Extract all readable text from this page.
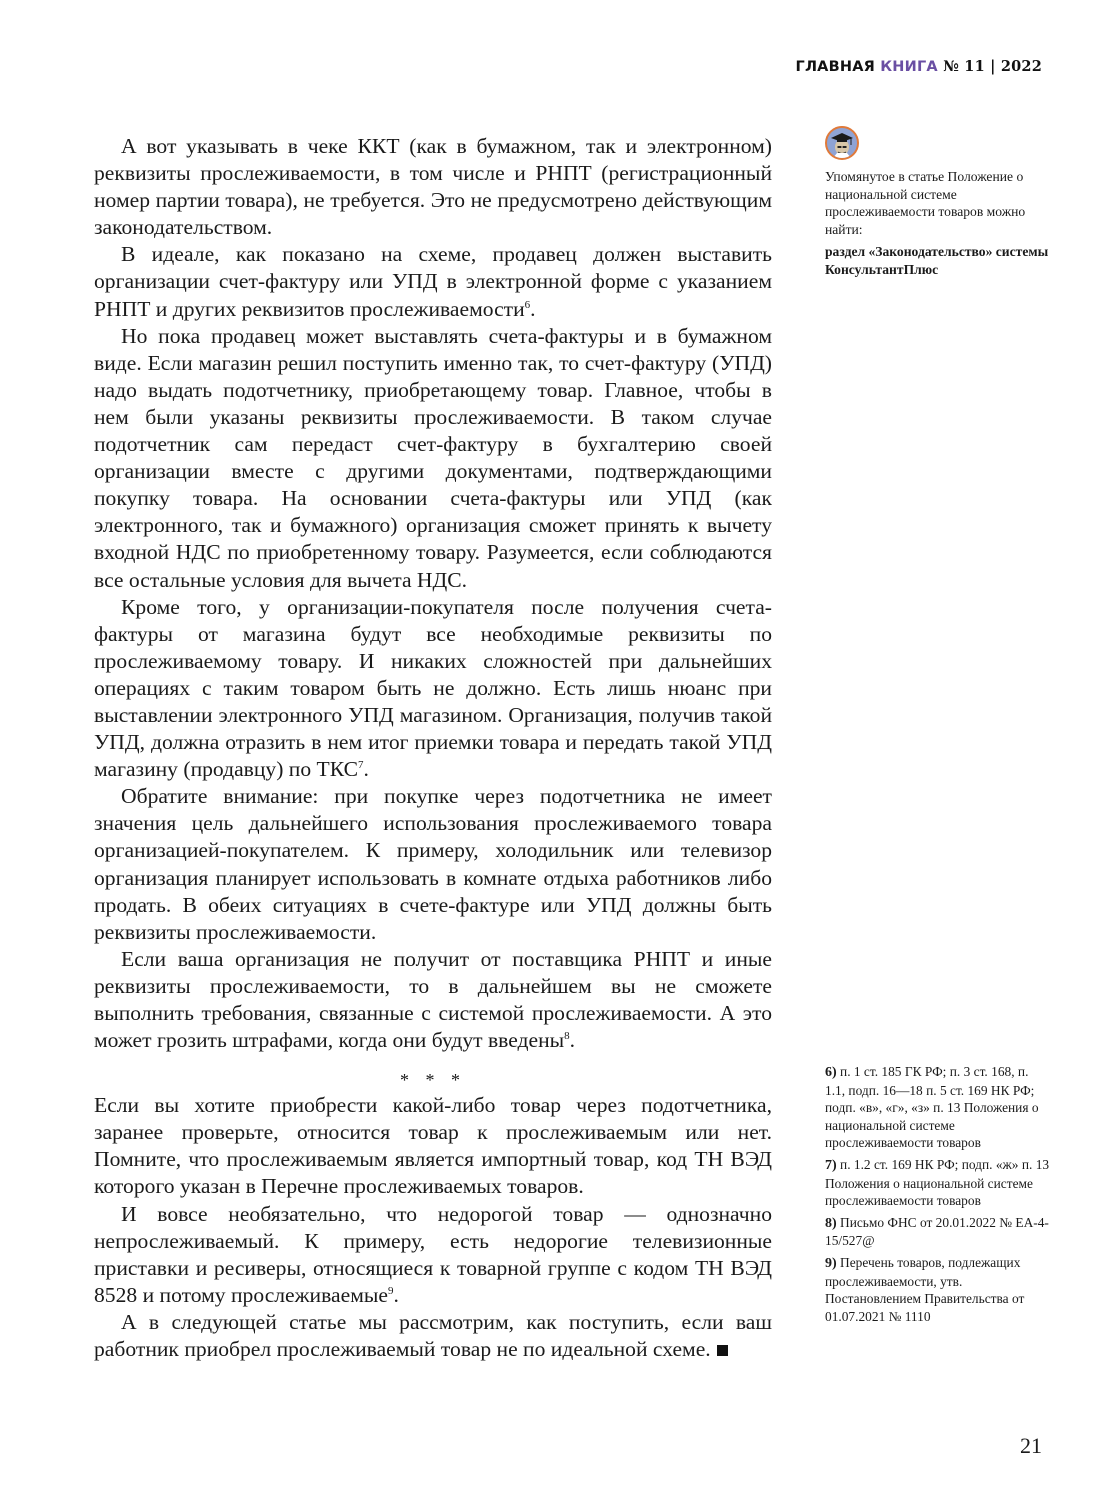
ГЛАВНАЯ КНИГА № 11 | 2022

А вот указывать в чеке ККТ (как в бумажном, так и электронном) реквизиты прослеживаемости, в том числе и РНПТ (регистрационный номер партии товара), не требуется. Это не предусмотрено действующим законодательством.

В идеале, как показано на схеме, продавец должен выставить организации счет-фактуру или УПД в электронной форме с указанием РНПТ и других реквизитов прослеживаемости$^6$.

Но пока продавец может выставлять счета-фактуры и в бумажном виде. Если магазин решил поступить именно так, то счет-фактуру (УПД) надо выдать подотчетнику, приобретающему товар. Главное, чтобы в нем были указаны реквизиты прослеживаемости. В таком случае подотчетник сам передаст счет-фактуру в бухгалтерию своей организации вместе с другими документами, подтверждающими покупку товара. На основании счета-фактуры или УПД (как электронного, так и бумажного) организация сможет принять к вычету входной НДС по приобретенному товару. Разумеется, если соблюдаются все остальные условия для вычета НДС.

Кроме того, у организации-покупателя после получения счета-фактуры от магазина будут все необходимые реквизиты по прослеживаемому товару. И никаких сложностей при дальнейших операциях с таким товаром быть не должно. Есть лишь нюанс при выставлении электронного УПД магазином. Организация, получив такой УПД, должна отразить в нем итог приемки товара и передать такой УПД магазину (продавцу) по ТКС$^7$.

Обратите внимание: при покупке через подотчетника не имеет значения цель дальнейшего использования прослеживаемого товара организацией-покупателем. К примеру, холодильник или телевизор организация планирует использовать в комнате отдыха работников либо продать. В обеих ситуациях в счете-фактуре или УПД должны быть реквизиты прослеживаемости.

Если ваша организация не получит от поставщика РНПТ и иные реквизиты прослеживаемости, то в дальнейшем вы не сможете выполнить требования, связанные с системой прослеживаемости. А это может грозить штрафами, когда они будут введены$^8$.

* * *

Если вы хотите приобрести какой-либо товар через подотчетника, заранее проверьте, относится товар к прослеживаемым или нет. Помните, что прослеживаемым является импортный товар, код ТН ВЭД которого указан в Перечне прослеживаемых товаров.

И вовсе необязательно, что недорогой товар — однозначно непрослеживаемый. К примеру, есть недорогие телевизионные приставки и ресиверы, относящиеся к товарной группе с кодом ТН ВЭД 8528 и потому прослеживаемые$^9$.

А в следующей статье мы рассмотрим, как поступить, если ваш работник приобрел прослеживаемый товар не по идеальной схеме.

Упомянутое в статье Положение о национальной системе прослеживаемости товаров можно найти:

раздел «Законодательство» системы КонсультантПлюс

6) п. 1 ст. 185 ГК РФ; п. 3 ст. 168, п. 1.1, подп. 16—18 п. 5 ст. 169 НК РФ; подп. «в», «г», «з» п. 13 Положения о национальной системе прослеживаемости товаров

7) п. 1.2 ст. 169 НК РФ; подп. «ж» п. 13 Положения о национальной системе прослеживаемости товаров

8) Письмо ФНС от 20.01.2022 № ЕА-4-15/527@

9) Перечень товаров, подлежащих прослеживаемости, утв. Постановлением Правительства от 01.07.2021 № 1110

21
